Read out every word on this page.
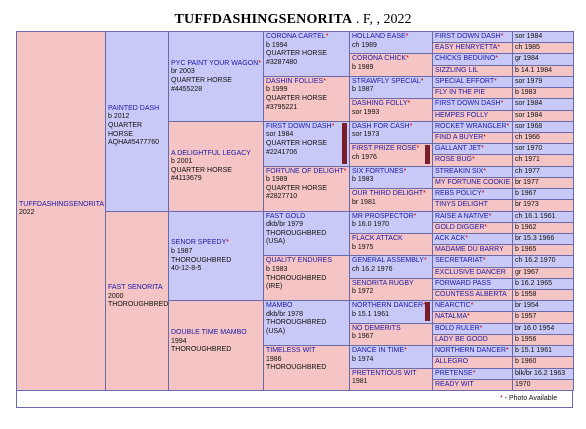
TUFFDASHINGSENORITA . F, , 2022
TUFFDASHINGSENORITA
2022
PAINTED DASH
b 2012
QUARTER HORSE
AQHA#5477760

FAST SENORITA
2000
THOROUGHBRED

PYC PAINT YOUR WAGON*
br 2003
QUARTER HORSE
#4455228

A DELIGHTFUL LEGACY
b 2001
QUARTER HORSE
#4113679

SENOR SPEEDY*
b 1987
THOROUGHBRED
40-12-8-5

DOUBLE TIME MAMBO
1994
THOROUGHBRED

CORONA CARTEL*
b 1994
QUARTER HORSE
#3287480

DASHIN FOLLIES*
b 1999
QUARTER HORSE
#3795221

FIRST DOWN DASH*
sor 1984
QUARTER HORSE
#2241706

FORTUNE OF DELIGHT*
b 1989
QUARTER HORSE
#2827710

FAST GOLD
dkb/br 1979
THOROUGHBRED
(USA)

QUALITY ENDURES
b 1983
THOROUGHBRED
(IRE)

MAMBO
dkb/br 1978
THOROUGHBRED
(USA)

TIMELESS WIT
1986
THOROUGHBRED

HOLLAND EASE*
ch 1989
CORONA CHICK*
b 1989
STRAWFLY SPECIAL*
b 1987
DASHING FOLLY*
sor 1993
DASH FOR CASH*
sor 1973
FIRST PRIZE ROSE*
ch 1976
SIX FORTUNES*
b 1983
OUR THIRD DELIGHT*
br 1981
MR PROSPECTOR*
b 16.0 1970
FLACK ATTACK
b 1975
GENERAL ASSEMBLY*
ch 16.2 1976
SENORITA RUGBY
b 1972
NORTHERN DANCER
b 15.1 1961
NO DEMERITS
b 1967
DANCE IN TIME*
b 1974
PRETENTIOUS WIT
1981
FIRST DOWN DASH*	sor 1984
EASY HENRYETTA*	ch 1985
CHICKS BEDUINO*	gr 1984
SIZZLING LIL	b 14.1 1984
SPECIAL EFFORT*	sor 1979
FLY IN THE PIE	b 1983
FIRST DOWN DASH*	sor 1984
HEMPES FOLLY	sor 1984
ROCKET WRANGLER* sor 1968
FIND A BUYER*	ch 1966
GALLANT JET*	sor 1970
ROSE BUG*	ch 1971
STREAKIN SIX*	ch 1977
MY FORTUNE COOKIE br 1977
REBS POLICY*	b 1967
TINYS DELIGHT	br 1973
RAISE A NATIVE*	ch 16.1 1961
GOLD DIGGER*	b 1962
ACK ACK*	br 15.3 1966
MADAME DU BARRY	b 1965
SECRETARIAT*	ch 16.2 1970
EXCLUSIVE DANCER	gr 1967
FORWARD PASS	b 16.2 1965
COUNTESS ALBERTA	b 1958
NEARCTIC*	br 1954
NATALMA*	b 1957
BOLD RULER*	br 16.0 1954
LADY BE GOOD	b 1956
NORTHERN DANCER* b 15.1 1961
ALLEGRO	b 1960
PRETENSE*	blk/br 16.2 1963
READY WIT	1970
* - Photo Available
